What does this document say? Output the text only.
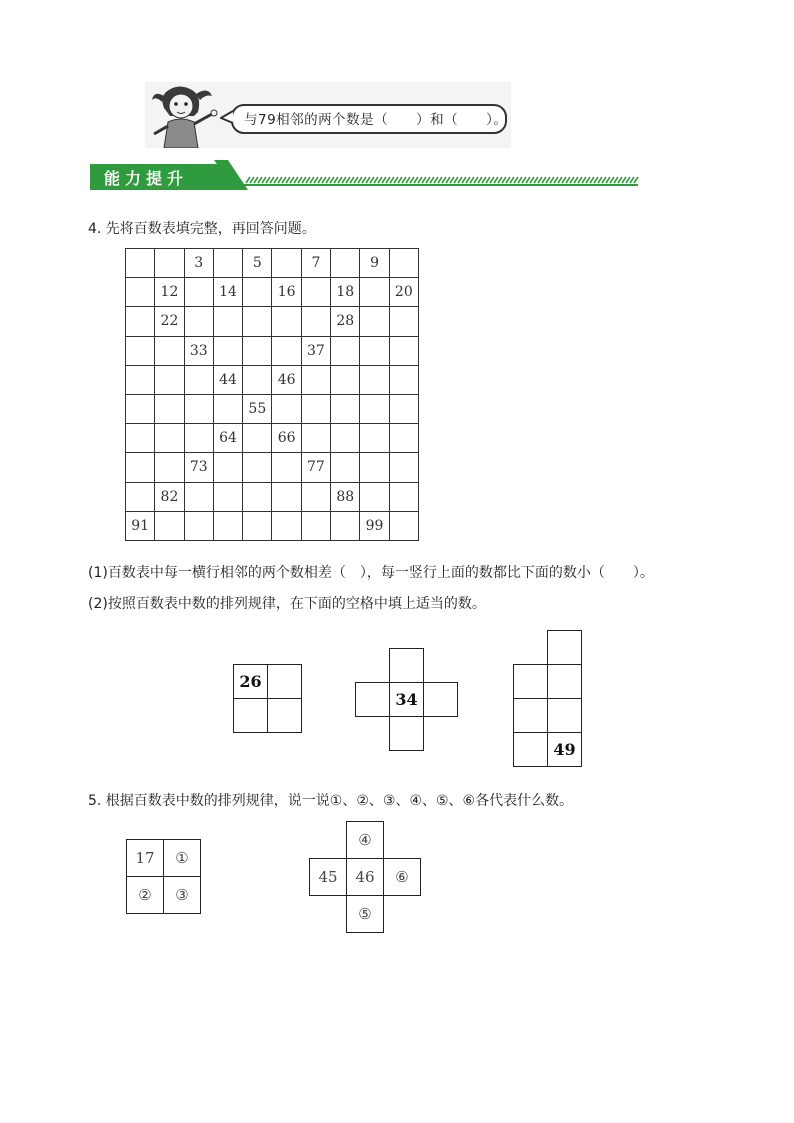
与79相邻的两个数是（　　）和（　　）。
能力提升
4. 先将百数表填完整，再回答问题。
		3		5		7		9	
	12		14		16		18		20
	22						28		
		33				37			
			44		46				
				55					
			64		66				
		73				77			
	82						88		
91								99	
(1)百数表中每一横行相邻的两个数相差（　），每一竖行上面的数都比下面的数小（　　）。
(2)按照百数表中数的排列规律，在下面的空格中填上适当的数。
26
34
49
5. 根据百数表中数的排列规律，说一说①、②、③、④、⑤、⑥各代表什么数。
17	①
②	③
④
45	46	⑥
⑤
